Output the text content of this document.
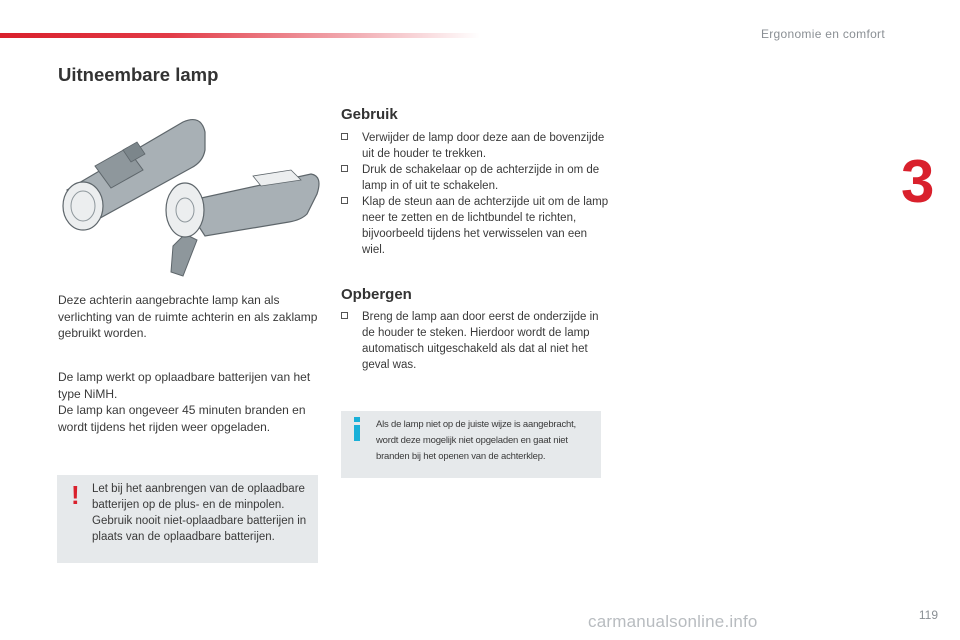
Ergonomie en comfort
3
Uitneembare lamp

Deze achterin aangebrachte lamp kan als verlichting van de ruimte achterin en als zaklamp gebruikt worden.

De lamp werkt op oplaadbare batterijen van het type NiMH.
De lamp kan ongeveer 45 minuten branden en wordt tijdens het rijden weer opgeladen.

! Let bij het aanbrengen van de oplaadbare batterijen op de plus- en de minpolen. Gebruik nooit niet-oplaadbare batterijen in plaats van de oplaadbare batterijen.

Gebruik
Verwijder de lamp door deze aan de bovenzijde uit de houder te trekken.
Druk de schakelaar op de achterzijde in om de lamp in of uit te schakelen.
Klap de steun aan de achterzijde uit om de lamp neer te zetten en de lichtbundel te richten, bijvoorbeeld tijdens het verwisselen van een wiel.
Opbergen
Breng de lamp aan door eerst de onderzijde in de houder te steken. Hierdoor wordt de lamp automatisch uitgeschakeld als dat al niet het geval was.

Als de lamp niet op de juiste wijze is aangebracht, wordt deze mogelijk niet opgeladen en gaat niet branden bij het openen van de achterklep.

119
carmanualsonline.info
